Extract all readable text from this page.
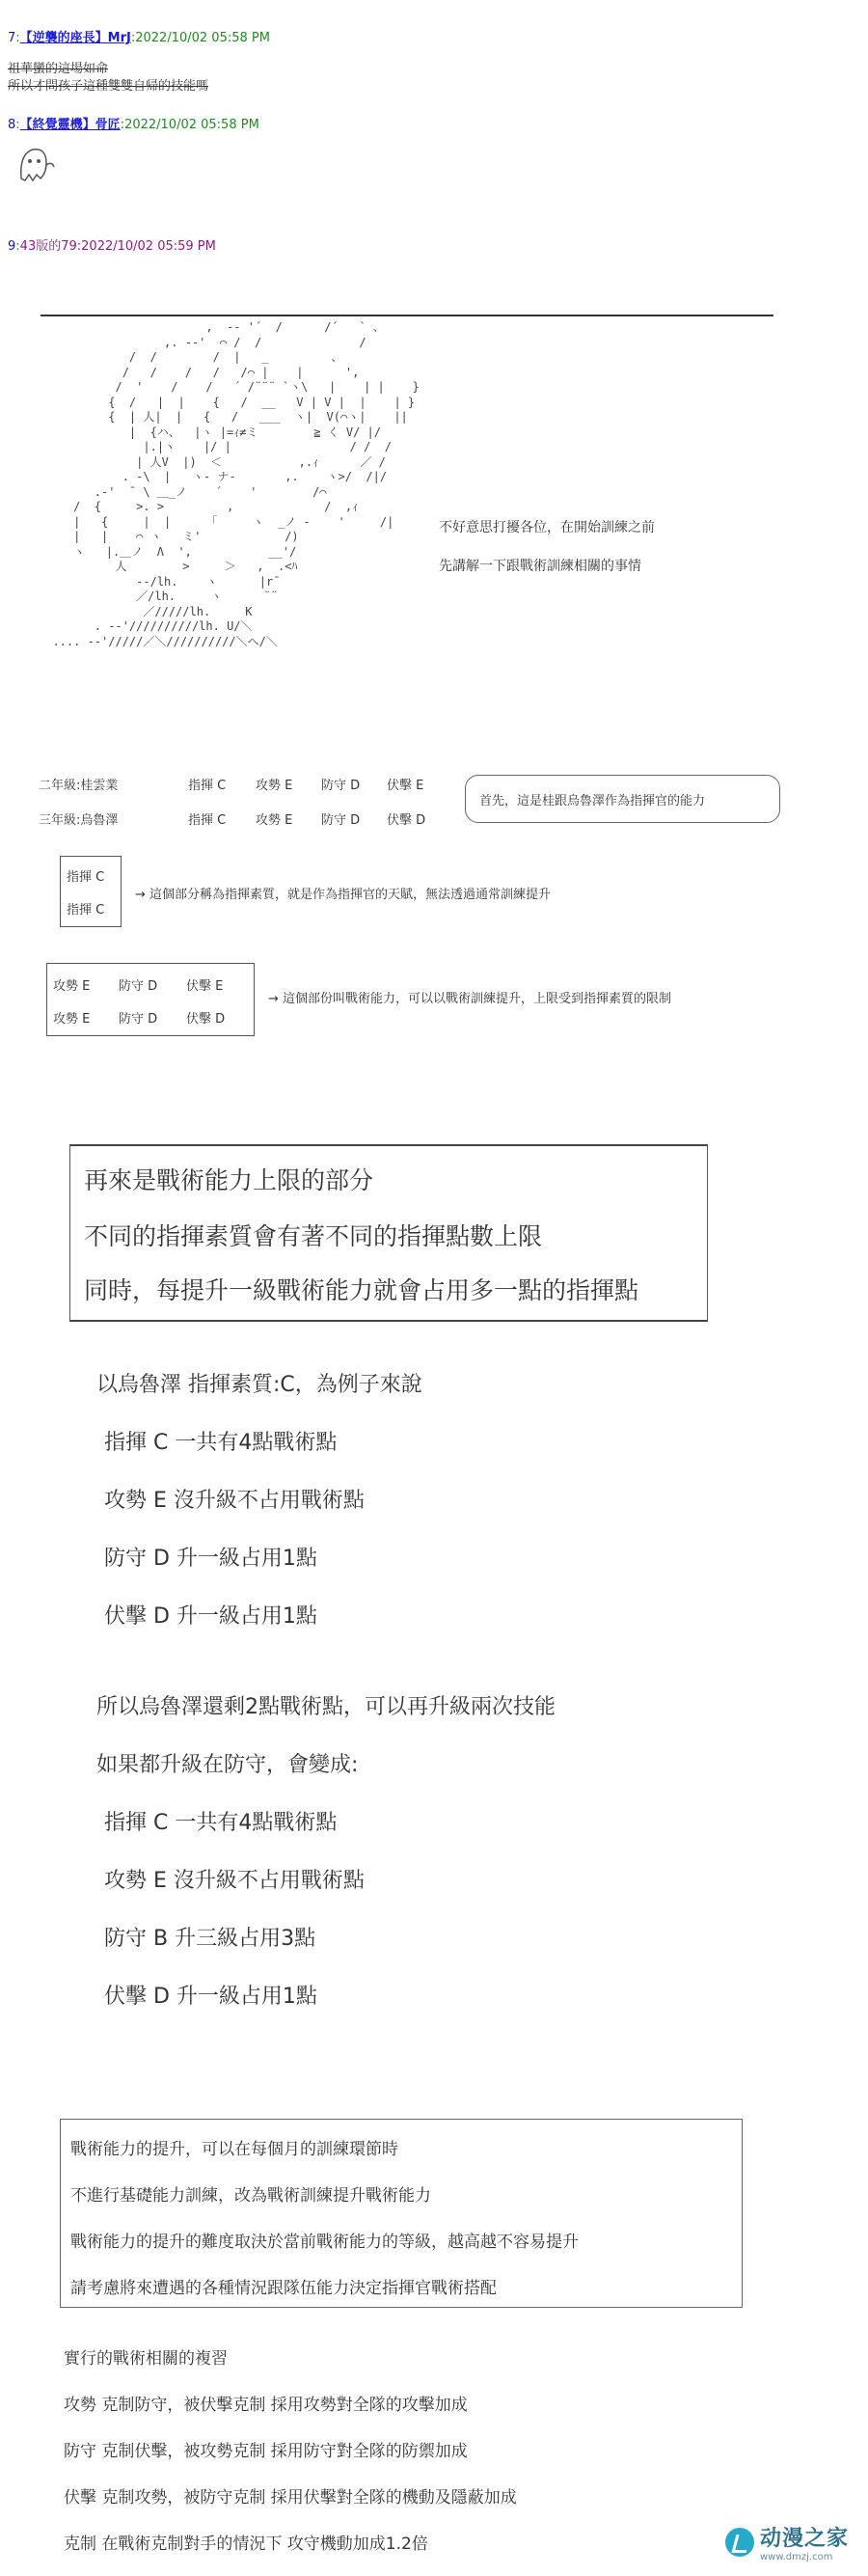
7:【逆襲的座長】MrJ:2022/10/02 05:58 PM
祖華蠻的這場如命
所以才問孩子這種雙雙自帰的技能嗎
8:【終覺靈機】骨匠:2022/10/02 05:58 PM
9:43版的79:2022/10/02 05:59 PM
,  -‐ '´  /      /´   ` 、
,. -‐'  ⌒ /  /              /
/  /        /  |   _         、
/   /    /   /   /⌒ |    |      ',
/  '    /    /   ´ /¨¨¨ `ヽ\   |    | |    }
{  /   |  |    {   /  __   V | V |  |    | }
{  | 人|  |   {   /   ___  ヽ|  V(⌒ヽ|    ||
|  {ハ、  |ヽ |=ｨ≠ミ        ≧ く V/ |/
|.|ヽ    |/ |                 / /  /
| 人V  |)  ＜           ,.ｨ      ／ /
. -\  |   ヽ- ナ‐       ,.    ヽ>/  /|/
.-'  ̄  \ ＿_ノ    ´    '        /⌒
/  {     >. >         ,             /  ,ｨ
|   {     |  |     「     ヽ  _ノ -    '     /|
|   |    ⌒ ヽ   ミ'            /)
ヽ   |.＿ノ  Λ  ',           __'/
人        >     ＞   ,  .<ﾊ
-‐/lh.    ヽ      |r¯
／/lh.     ヽ      ¨¨
／/////lh.     K
. -‐'//////////lh. U/＼
.... -‐'/////／＼//////////＼へ/＼
不好意思打擾各位，在開始訓練之前
先講解一下跟戰術訓練相關的事情
二年級:桂雲業	指揮 C 攻勢 E 防守 D 伏擊 E
三年級:烏魯澤	指揮 C 攻勢 E 防守 D 伏擊 D
首先，這是桂跟烏魯澤作為指揮官的能力
指揮 C
指揮 C
→ 這個部分稱為指揮素質，就是作為指揮官的天賦，無法透過通常訓練提升
攻勢 E 防守 D 伏擊 E
攻勢 E 防守 D 伏擊 D
→ 這個部份叫戰術能力，可以以戰術訓練提升，上限受到指揮素質的限制
再來是戰術能力上限的部分
不同的指揮素質會有著不同的指揮點數上限
同時，每提升一級戰術能力就會占用多一點的指揮點
以烏魯澤 指揮素質:C，為例子來說
指揮 C 一共有4點戰術點
攻勢 E 沒升級不占用戰術點
防守 D 升一級占用1點
伏擊 D 升一級占用1點
所以烏魯澤還剩2點戰術點，可以再升級兩次技能
如果都升級在防守，會變成:
指揮 C 一共有4點戰術點
攻勢 E 沒升級不占用戰術點
防守 B 升三級占用3點
伏擊 D 升一級占用1點
戰術能力的提升，可以在每個月的訓練環節時
不進行基礎能力訓練，改為戰術訓練提升戰術能力
戰術能力的提升的難度取決於當前戰術能力的等級，越高越不容易提升
請考慮將來遭遇的各種情況跟隊伍能力決定指揮官戰術搭配
實行的戰術相關的複習
攻勢 克制防守，被伏擊克制 採用攻勢對全隊的攻擊加成
防守 克制伏擊，被攻勢克制 採用防守對全隊的防禦加成
伏擊 克制攻勢，被防守克制 採用伏擊對全隊的機動及隱蔽加成
克制 在戰術克制對手的情況下 攻守機動加成1.2倍	动漫之家
www.dmzj.com
